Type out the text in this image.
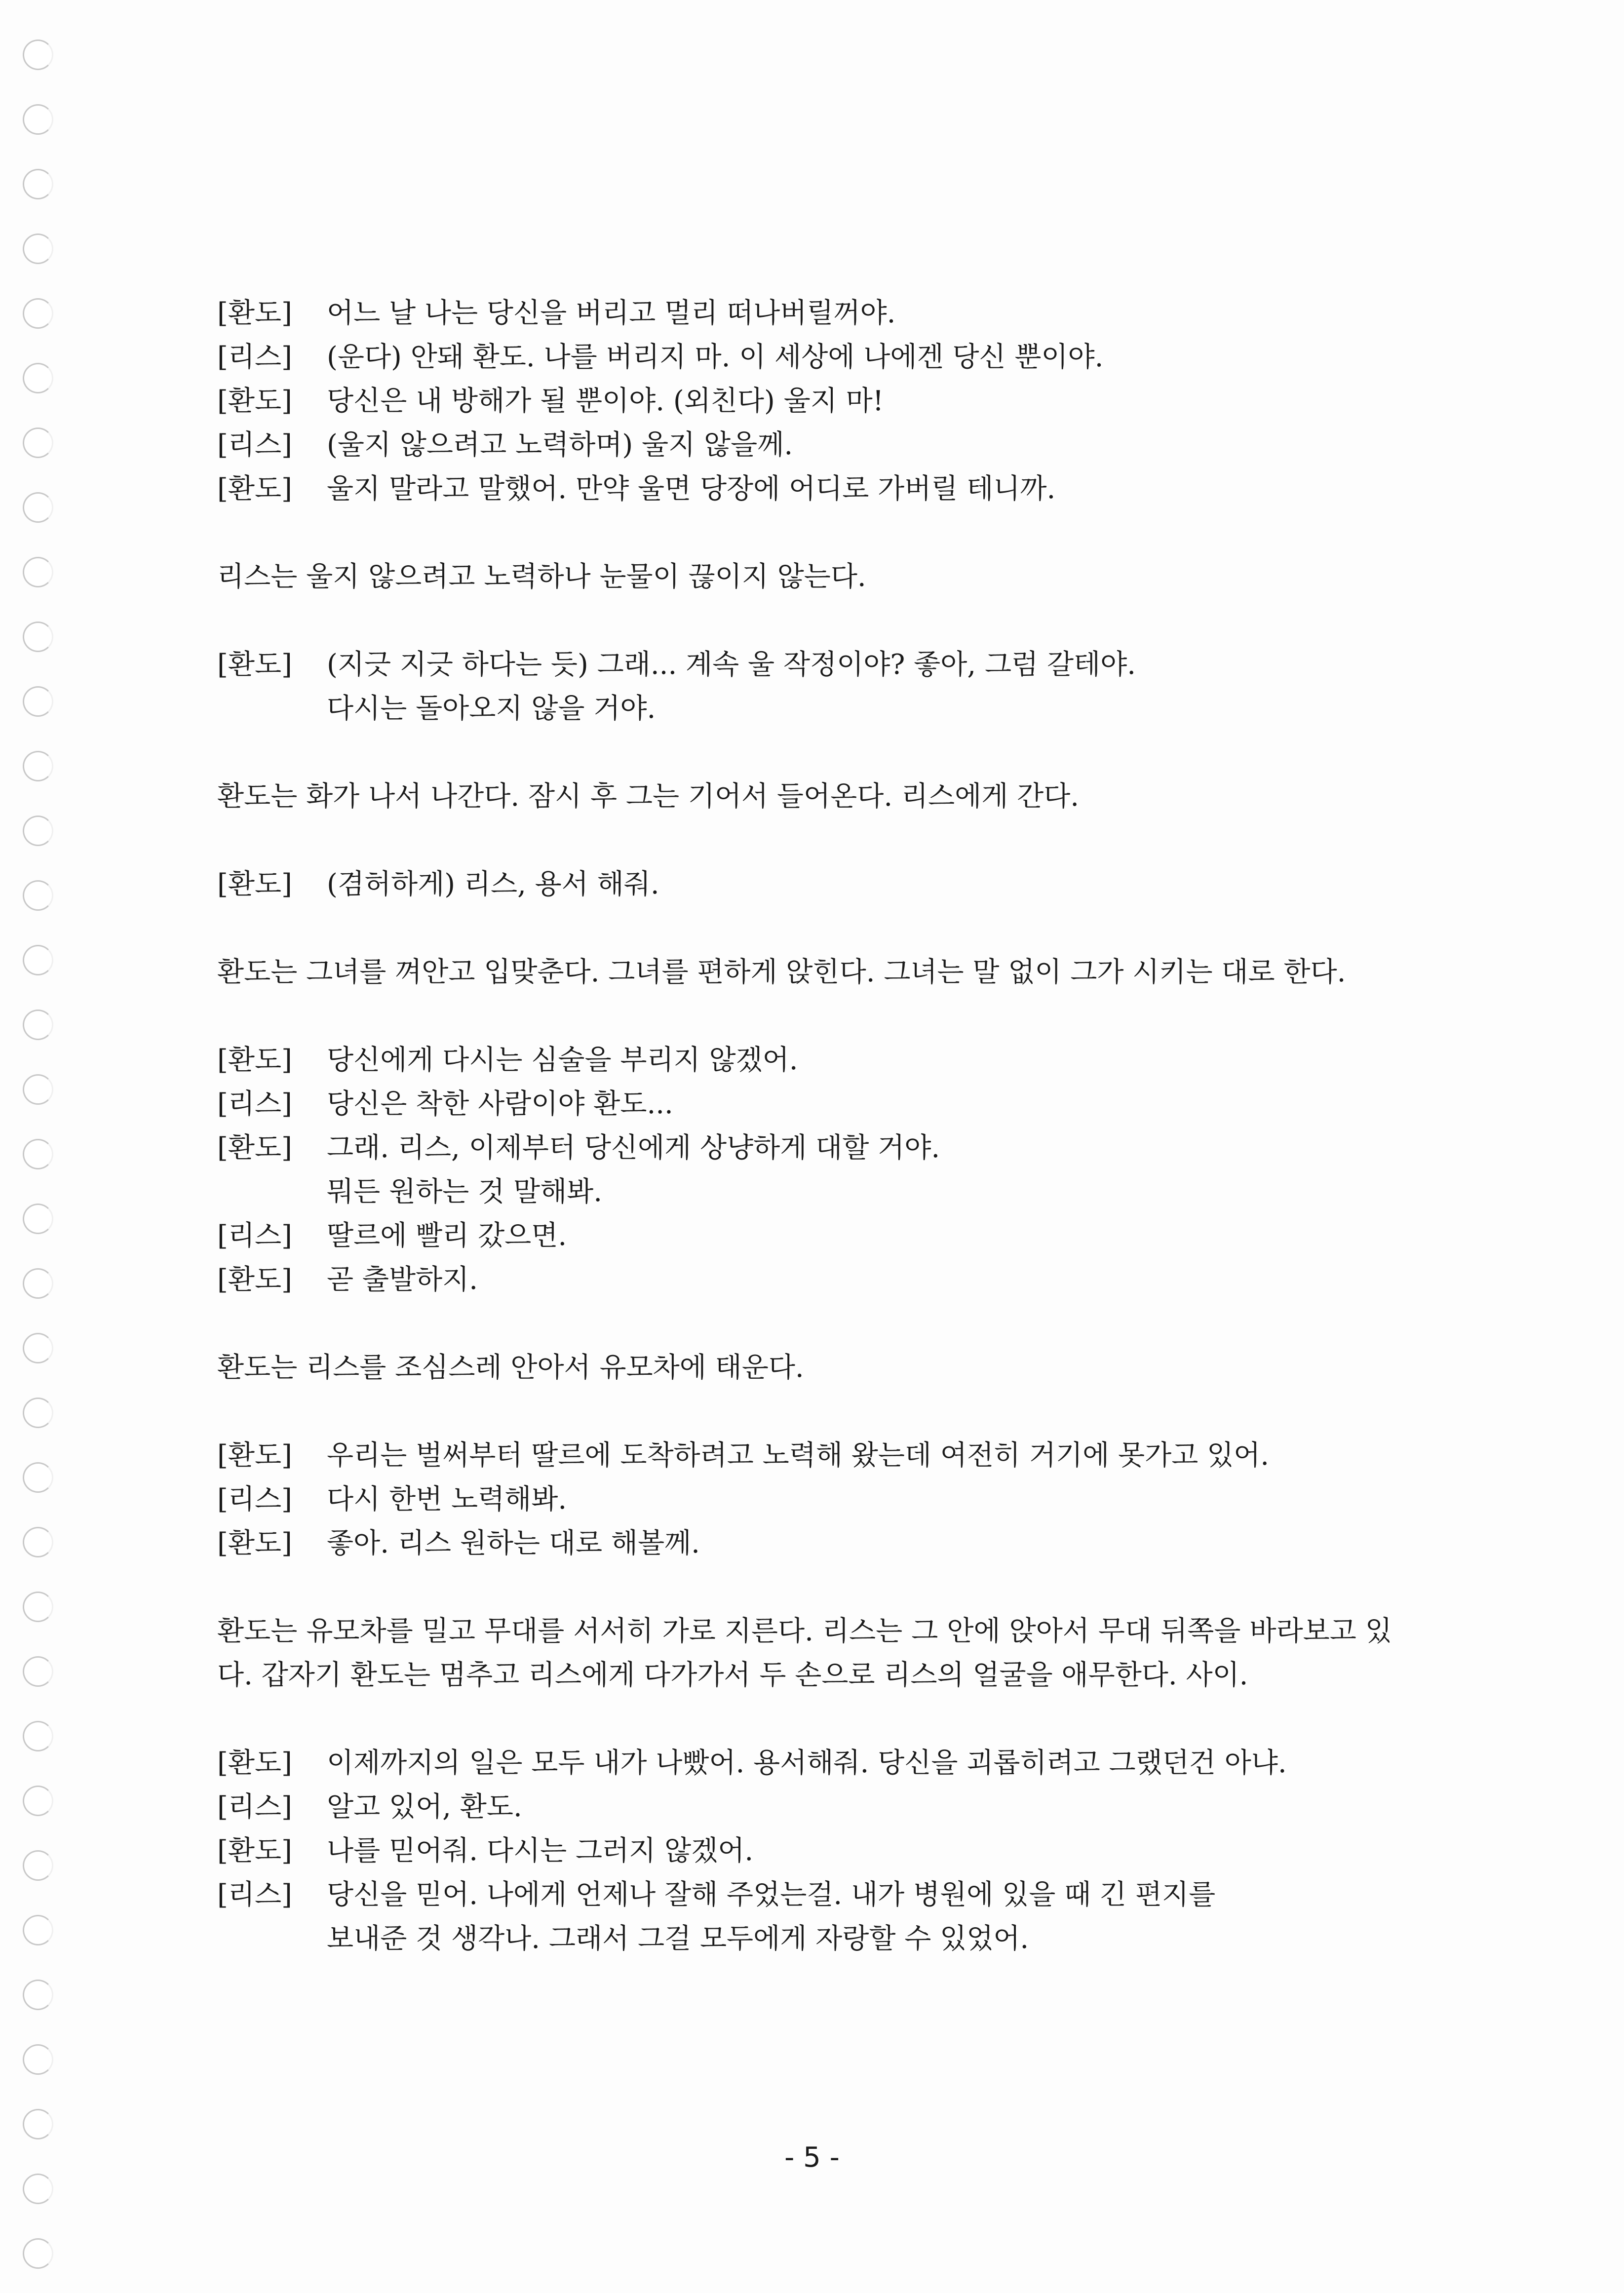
[환도]	어느 날 나는 당신을 버리고 멀리 떠나버릴꺼야.
[리스]	(운다) 안돼 환도. 나를 버리지 마. 이 세상에 나에겐 당신 뿐이야.
[환도]	당신은 내 방해가 될 뿐이야. (외친다) 울지 마!
[리스]	(울지 않으려고 노력하며) 울지 않을께.
[환도]	울지 말라고 말했어. 만약 울면 당장에 어디로 가버릴 테니까.
리스는 울지 않으려고 노력하나 눈물이 끊이지 않는다.
[환도]	(지긋 지긋 하다는 듯) 그래... 계속 울 작정이야? 좋아, 그럼 갈테야.
다시는 돌아오지 않을 거야.
환도는 화가 나서 나간다. 잠시 후 그는 기어서 들어온다. 리스에게 간다.
[환도]	(겸허하게) 리스, 용서 해줘.
환도는 그녀를 껴안고 입맞춘다. 그녀를 편하게 앉힌다. 그녀는 말 없이 그가 시키는 대로 한다.
[환도]	당신에게 다시는 심술을 부리지 않겠어.
[리스]	당신은 착한 사람이야 환도...
[환도]	그래. 리스, 이제부터 당신에게 상냥하게 대할 거야.
뭐든 원하는 것 말해봐.
[리스]	딸르에 빨리 갔으면.
[환도]	곧 출발하지.
환도는 리스를 조심스레 안아서 유모차에 태운다.
[환도]	우리는 벌써부터 딸르에 도착하려고 노력해 왔는데 여전히 거기에 못가고 있어.
[리스]	다시 한번 노력해봐.
[환도]	좋아. 리스 원하는 대로 해볼께.
환도는 유모차를 밀고 무대를 서서히 가로 지른다. 리스는 그 안에 앉아서 무대 뒤쪽을 바라보고 있다. 갑자기 환도는 멈추고 리스에게 다가가서 두 손으로 리스의 얼굴을 애무한다. 사이.
[환도]	이제까지의 일은 모두 내가 나빴어. 용서해줘. 당신을 괴롭히려고 그랬던건 아냐.
[리스]	알고 있어, 환도.
[환도]	나를 믿어줘. 다시는 그러지 않겠어.
[리스]	당신을 믿어. 나에게 언제나 잘해 주었는걸. 내가 병원에 있을 때 긴 편지를
보내준 것 생각나. 그래서 그걸 모두에게 자랑할 수 있었어.
- 5 -
